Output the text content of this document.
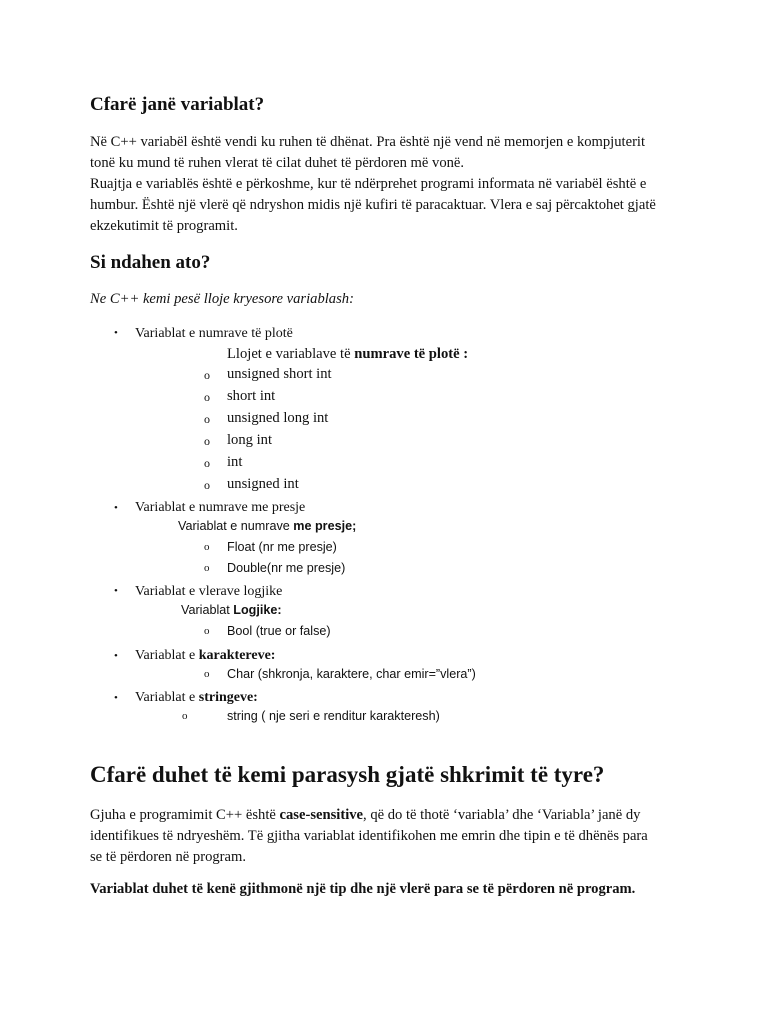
Cfarë janë variablat?
Në C++ variabël është vendi ku ruhen të dhënat. Pra është një vend në memorjen e kompjuterit
tonë ku mund të ruhen vlerat të cilat duhet të përdoren më vonë.
Ruajtja e variablës është e përkoshme, kur të ndërprehet programi informata në variabël është e
humbur. Është një vlerë që ndryshon midis një kufiri të paracaktuar. Vlera e saj përcaktohet gjatë
ekzekutimit të programit.
Si ndahen ato?
Ne C++ kemi pesë lloje kryesore variablash:
• Variablat e numrave të plotë
Llojet e variablave të numrave të plotë :
o unsigned short int
o short int
o unsigned long int
o long int
o int
o unsigned int
• Variablat e numrave me presje
Variablat e numrave me presje;
o Float (nr me presje)
o Double(nr me presje)
• Variablat e vlerave logjike
Variablat Logjike:
o Bool (true or false)
• Variablat e karaktereve:
o Char (shkronja, karaktere, char emir=”vlera”)
• Variablat e stringeve:
o	string ( nje seri e renditur karakteresh)
Cfarë duhet të kemi parasysh gjatë shkrimit të tyre?
Gjuha e programimit C++ është case-sensitive, që do të thotë ‘variabla’ dhe ‘Variabla’ janë dy
identifikues të ndryeshëm. Të gjitha variablat identifikohen me emrin dhe tipin e të dhënës para
se të përdoren në program.
Variablat duhet të kenë gjithmonë një tip dhe një vlerë para se të përdoren në program.
